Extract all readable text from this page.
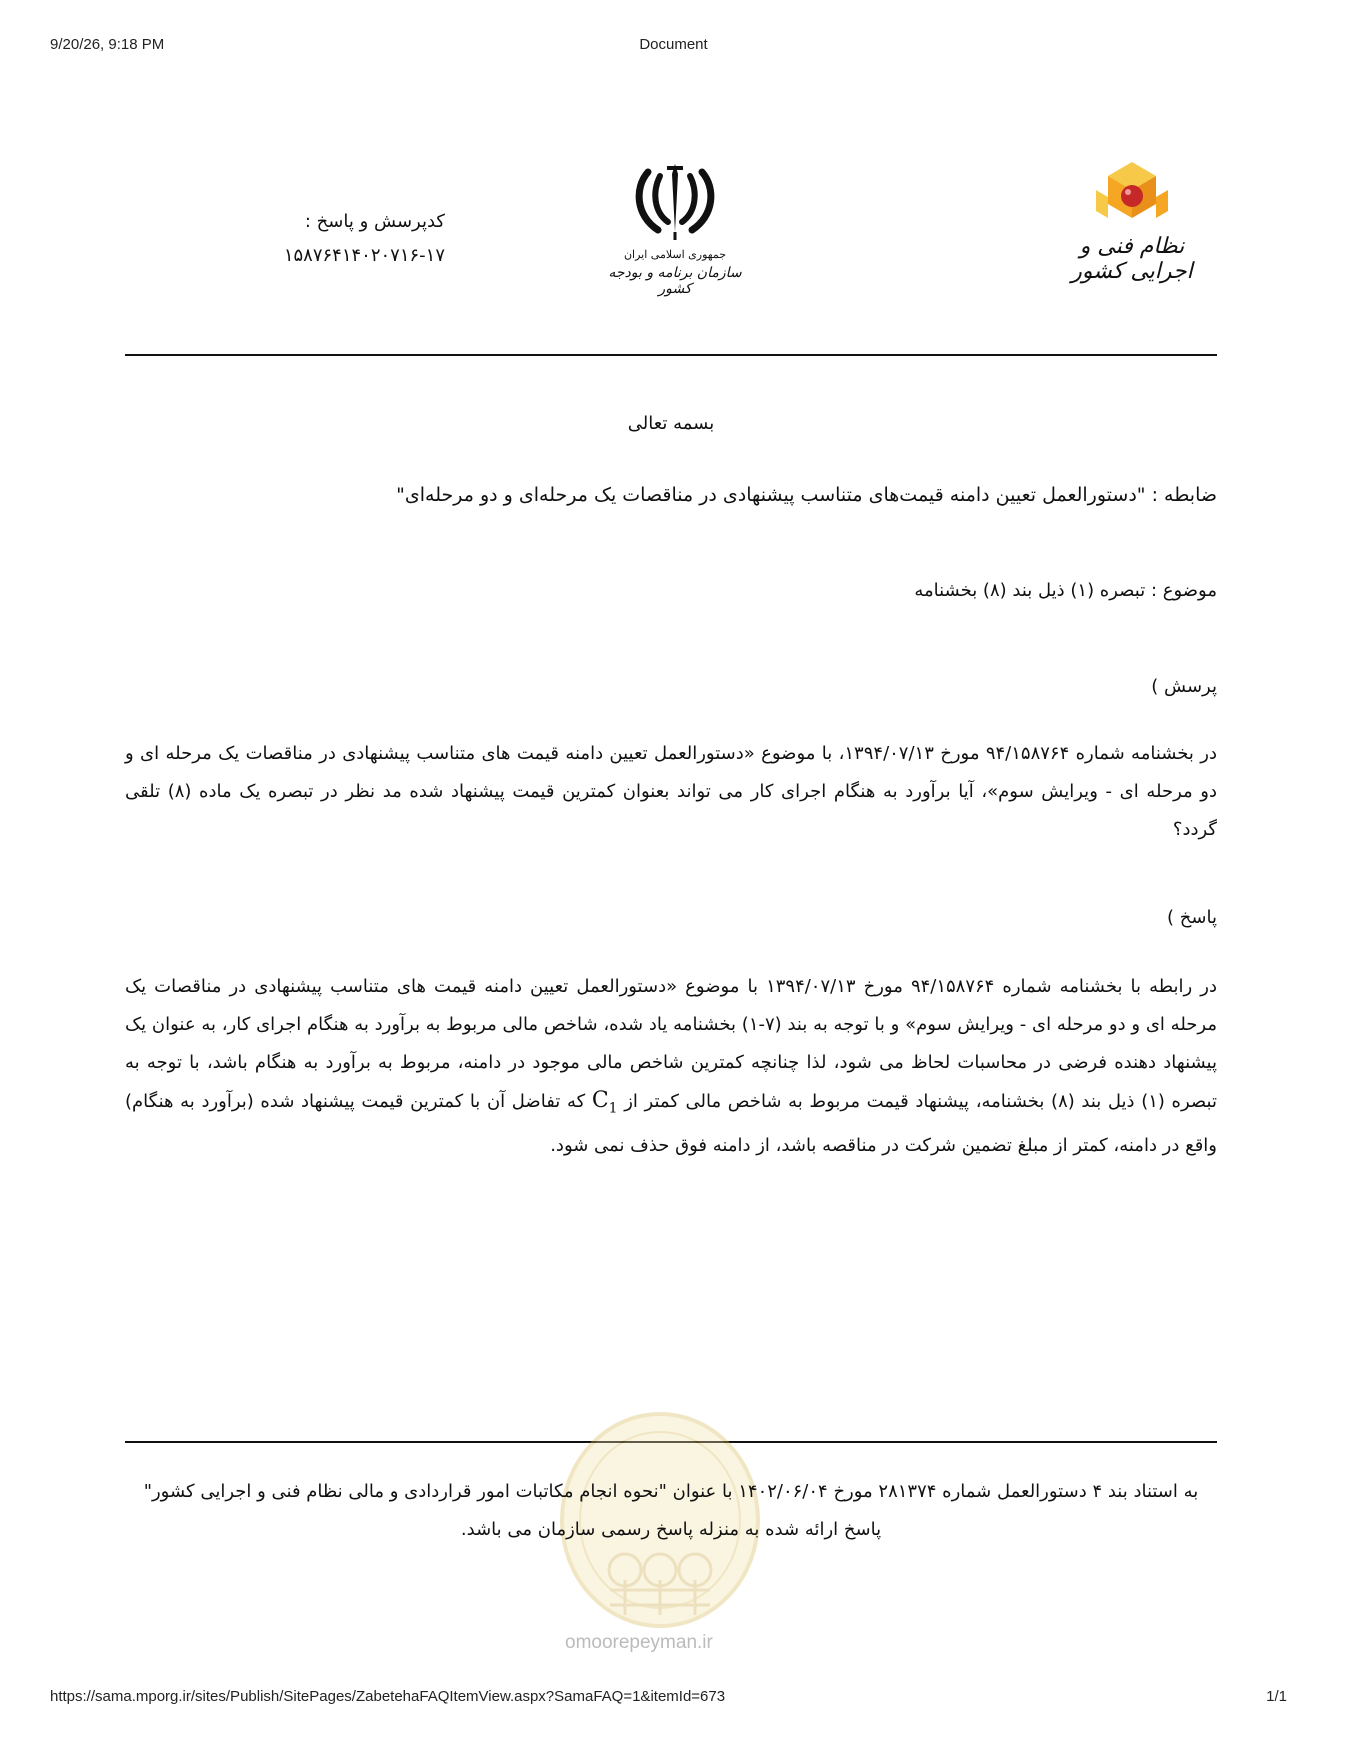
9/20/26, 9:18 PM	Document
کدپرسش و پاسخ :
۱۵۸۷۶۴۱۴۰۲۰۷۱۶-۱۷	جمهوری اسلامی ایران
سازمان برنامه و بودجه کشور
نظام فنی و اجرایی کشور
بسمه تعالی
ضابطه : "دستورالعمل تعیین دامنه قیمت‌های متناسب پیشنهادی در مناقصات یک مرحله‌ای و دو مرحله‌ای"
موضوع : تبصره (۱) ذیل بند (۸) بخشنامه
پرسش )
در بخشنامه شماره ۹۴/۱۵۸۷۶۴ مورخ ۱۳۹۴/۰۷/۱۳، با موضوع «دستورالعمل تعیین دامنه قیمت های متناسب پیشنهادی در مناقصات یک مرحله ای و دو مرحله ای - ویرایش سوم»، آیا برآورد به هنگام اجرای کار می تواند بعنوان کمترین قیمت پیشنهاد شده مد نظر در تبصره یک ماده (۸) تلقی گردد؟
پاسخ )
در رابطه با بخشنامه شماره ۹۴/۱۵۸۷۶۴ مورخ ۱۳۹۴/۰۷/۱۳ با موضوع «دستورالعمل تعیین دامنه قیمت های متناسب پیشنهادی در مناقصات یک مرحله ای و دو مرحله ای - ویرایش سوم» و با توجه به بند (۷-۱) بخشنامه یاد شده، شاخص مالی مربوط به برآورد به هنگام اجرای کار، به عنوان یک پیشنهاد دهنده فرضی در محاسبات لحاظ می شود، لذا چنانچه کمترین شاخص مالی موجود در دامنه، مربوط به برآورد به هنگام باشد، با توجه به تبصره (۱) ذیل بند (۸) بخشنامه، پیشنهاد قیمت مربوط به شاخص مالی کمتر از $C_1$ که تفاضل آن با کمترین قیمت پیشنهاد شده (برآورد به هنگام) واقع در دامنه، کمتر از مبلغ تضمین شرکت در مناقصه باشد، از دامنه فوق حذف نمی شود.
omoorepeyman.ir
به استناد بند ۴ دستورالعمل شماره ۲۸۱۳۷۴ مورخ ۱۴۰۲/۰۶/۰۴ با عنوان "نحوه انجام مکاتبات امور قراردادی و مالی نظام فنی و اجرایی کشور" پاسخ ارائه شده به منزله پاسخ رسمی سازمان می باشد.
https://sama.mporg.ir/sites/Publish/SitePages/ZabetehaFAQItemView.aspx?SamaFAQ=1&itemId=673	1/1
